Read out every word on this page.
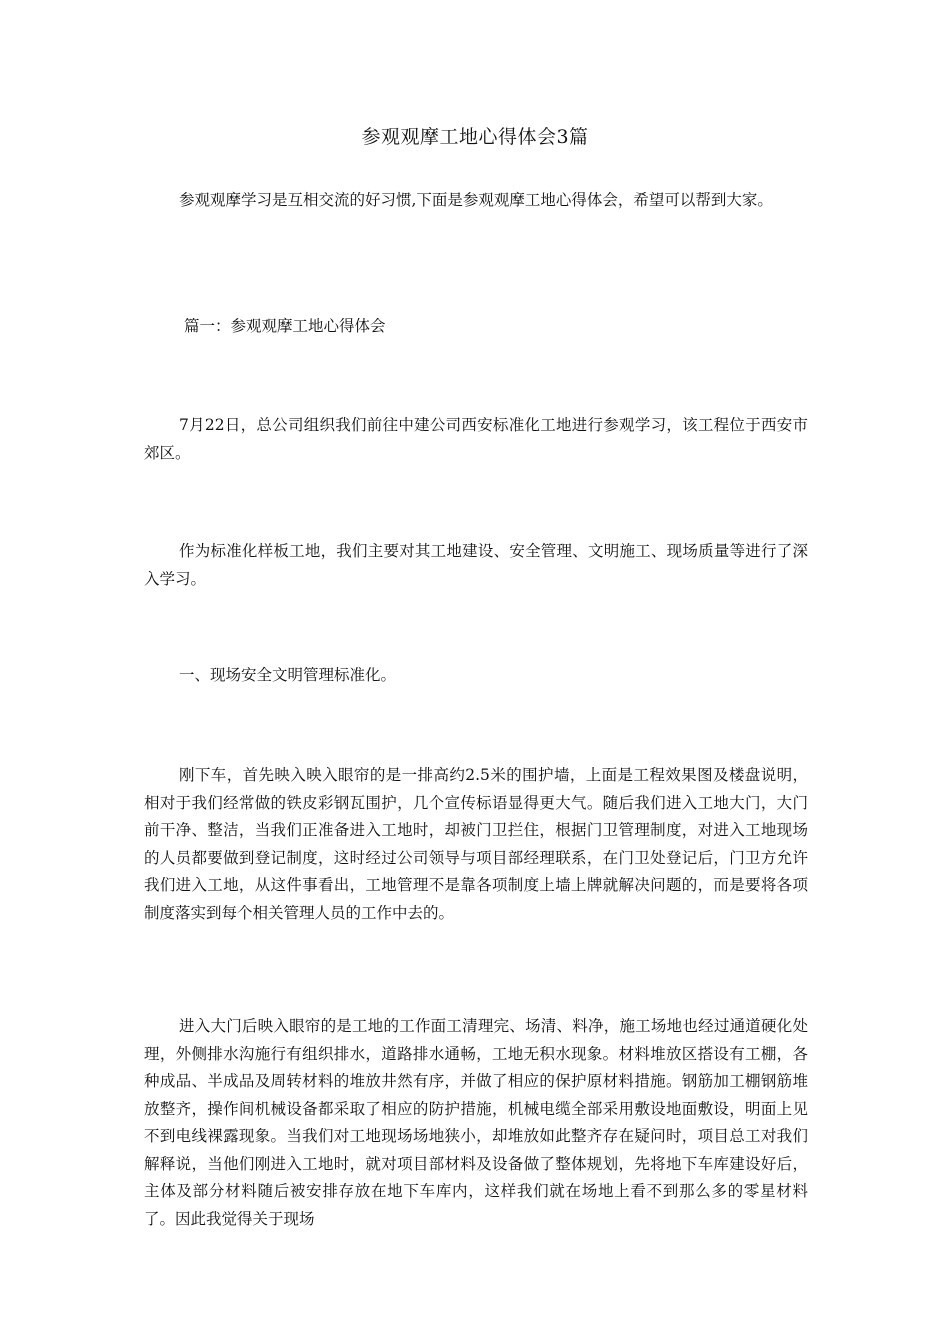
参观观摩工地心得体会3篇

参观观摩学习是互相交流的好习惯,下面是参观观摩工地心得体会，希望可以帮到大家。

篇一：参观观摩工地心得体会

7月22日，总公司组织我们前往中建公司西安标准化工地进行参观学习，该工程位于西安市郊区。

作为标准化样板工地，我们主要对其工地建设、安全管理、文明施工、现场质量等进行了深入学习。

一、现场安全文明管理标准化。

刚下车，首先映入映入眼帘的是一排高约2.5米的围护墙，上面是工程效果图及楼盘说明，相对于我们经常做的铁皮彩钢瓦围护，几个宣传标语显得更大气。随后我们进入工地大门，大门前干净、整洁，当我们正准备进入工地时，却被门卫拦住，根据门卫管理制度，对进入工地现场的人员都要做到登记制度，这时经过公司领导与项目部经理联系，在门卫处登记后，门卫方允许我们进入工地，从这件事看出，工地管理不是靠各项制度上墙上牌就解决问题的，而是要将各项制度落实到每个相关管理人员的工作中去的。

进入大门后映入眼帘的是工地的工作面工清理完、场清、料净，施工场地也经过通道硬化处理，外侧排水沟施行有组织排水，道路排水通畅，工地无积水现象。材料堆放区搭设有工棚，各种成品、半成品及周转材料的堆放井然有序，并做了相应的保护原材料措施。钢筋加工棚钢筋堆放整齐，操作间机械设备都采取了相应的防护措施，机械电缆全部采用敷设地面敷设，明面上见不到电线裸露现象。当我们对工地现场场地狭小，却堆放如此整齐存在疑问时，项目总工对我们解释说，当他们刚进入工地时，就对项目部材料及设备做了整体规划，先将地下车库建设好后，主体及部分材料随后被安排存放在地下车库内，这样我们就在场地上看不到那么多的零星材料了。因此我觉得关于现场
